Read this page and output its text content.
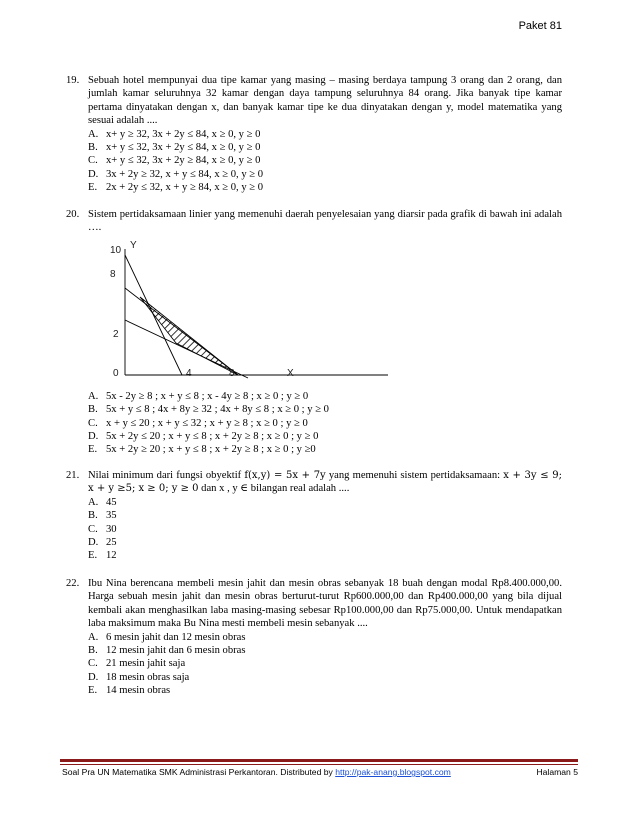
Paket 81
19. Sebuah hotel mempunyai dua tipe kamar yang masing – masing berdaya tampung 3 orang dan 2 orang, dan jumlah kamar seluruhnya 32 kamar dengan daya tampung seluruhnya 84 orang. Jika banyak tipe kamar pertama dinyatakan dengan x, dan banyak kamar tipe ke dua dinyatakan dengan y, model matematika yang sesuai adalah ....
A. x+ y ≥ 32, 3x + 2y ≤ 84, x ≥ 0, y ≥ 0
B. x+ y ≤ 32, 3x + 2y ≤ 84, x ≥ 0, y ≥ 0
C. x+ y ≤ 32, 3x + 2y ≥ 84, x ≥ 0, y ≥ 0
D. 3x + 2y ≥ 32, x + y ≤ 84, x ≥ 0, y ≥ 0
E. 2x + 2y ≤ 32, x + y ≥ 84, x ≥ 0, y ≥ 0
20. Sistem pertidaksamaan linier yang memenuhi daerah penyelesaian yang diarsir pada grafik di bawah ini adalah ….
10 Y
8
2
0	4	8	X
A. 5x - 2y ≥ 8 ; x + y ≤ 8 ; x - 4y ≥ 8 ; x ≥ 0 ; y ≥ 0
B. 5x + y ≤ 8 ; 4x + 8y ≥ 32 ; 4x + 8y ≤ 8 ; x ≥ 0 ; y ≥ 0
C. x + y ≤ 20 ; x + y ≤ 32 ; x + y ≥ 8 ; x ≥ 0 ; y ≥ 0
D. 5x + 2y ≤ 20 ; x + y ≤ 8 ; x + 2y ≥ 8 ; x ≥ 0 ; y ≥ 0
E. 5x + 2y ≥ 20 ; x + y ≤ 8 ; x + 2y ≥ 8 ; x ≥ 0 ; y ≥0
21. Nilai minimum dari fungsi obyektif f(x,y) = 5x + 7y yang memenuhi sistem pertidaksamaan: x + 3y ≤ 9; x + y ≥5; x ≥ 0; y ≥ 0 dan x , y ∈ bilangan real adalah ....
A. 45
B. 35
C. 30
D. 25
E. 12
22. Ibu Nina berencana membeli mesin jahit dan mesin obras sebanyak 18 buah dengan modal Rp8.400.000,00. Harga sebuah mesin jahit dan mesin obras berturut-turut Rp600.000,00 dan Rp400.000,00 yang bila dijual kembali akan menghasilkan laba masing-masing sebesar Rp100.000,00 dan Rp75.000,00. Untuk mendapatkan laba maksimum maka Bu Nina mesti membeli mesin sebanyak ....
A. 6 mesin jahit dan 12 mesin obras
B. 12 mesin jahit dan 6 mesin obras
C. 21 mesin jahit saja
D. 18 mesin obras saja
E. 14 mesin obras
Soal Pra UN Matematika SMK Administrasi Perkantoran. Distributed by http://pak-anang.blogspot.com	Halaman 5
